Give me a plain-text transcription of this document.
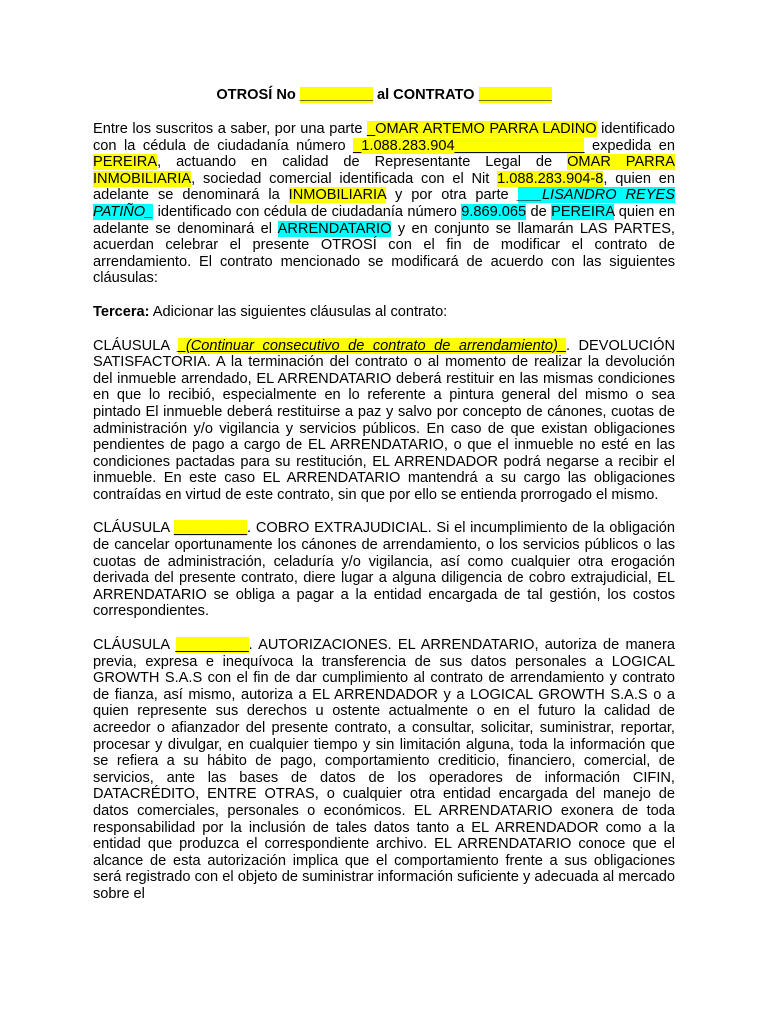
OTROSÍ No _________ al CONTRATO _________

Entre los suscritos a saber, por una parte _OMAR ARTEMO PARRA LADINO identificado con la cédula de ciudadanía número _1.088.283.904________________ expedida en PEREIRA, actuando en calidad de Representante Legal de OMAR PARRA INMOBILIARIA, sociedad comercial identificada con el Nit 1.088.283.904-8, quien en adelante se denominará la INMOBILIARIA y por otra parte ___LISANDRO REYES PATIÑO_ identificado con cédula de ciudadanía número 9.869.065 de PEREIRA quien en adelante se denominará el ARRENDATARIO y en conjunto se llamarán LAS PARTES, acuerdan celebrar el presente OTROSÍ con el fin de modificar el contrato de arrendamiento. El contrato mencionado se modificará de acuerdo con las siguientes cláusulas:

Tercera: Adicionar las siguientes cláusulas al contrato:

CLÁUSULA _(Continuar consecutivo de contrato de arrendamiento)_. DEVOLUCIÓN SATISFACTORIA. A la terminación del contrato o al momento de realizar la devolución del inmueble arrendado, EL ARRENDATARIO deberá restituir en las mismas condiciones en que lo recibió, especialmente en lo referente a pintura general del mismo o sea pintado El inmueble deberá restituirse a paz y salvo por concepto de cánones, cuotas de administración y/o vigilancia y servicios públicos. En caso de que existan obligaciones pendientes de pago a cargo de EL ARRENDATARIO, o que el inmueble no esté en las condiciones pactadas para su restitución, EL ARRENDADOR podrá negarse a recibir el inmueble. En este caso EL ARRENDATARIO mantendrá a su cargo las obligaciones contraídas en virtud de este contrato, sin que por ello se entienda prorrogado el mismo.

CLÁUSULA _________. COBRO EXTRAJUDICIAL. Si el incumplimiento de la obligación de cancelar oportunamente los cánones de arrendamiento, o los servicios públicos o las cuotas de administración, celaduría y/o vigilancia, así como cualquier otra erogación derivada del presente contrato, diere lugar a alguna diligencia de cobro extrajudicial, EL ARRENDATARIO se obliga a pagar a la entidad encargada de tal gestión, los costos correspondientes.

CLÁUSULA _________. AUTORIZACIONES. EL ARRENDATARIO, autoriza de manera previa, expresa e inequívoca la transferencia de sus datos personales a LOGICAL GROWTH S.A.S con el fin de dar cumplimiento al contrato de arrendamiento y contrato de fianza, así mismo, autoriza a EL ARRENDADOR y a LOGICAL GROWTH S.A.S o a quien represente sus derechos u ostente actualmente o en el futuro la calidad de acreedor o afianzador del presente contrato, a consultar, solicitar, suministrar, reportar, procesar y divulgar, en cualquier tiempo y sin limitación alguna, toda la información que se refiera a su hábito de pago, comportamiento crediticio, financiero, comercial, de servicios, ante las bases de datos de los operadores de información CIFIN, DATACRÉDITO, ENTRE OTRAS, o cualquier otra entidad encargada del manejo de datos comerciales, personales o económicos. EL ARRENDATARIO exonera de toda responsabilidad por la inclusión de tales datos tanto a EL ARRENDADOR como a la entidad que produzca el correspondiente archivo. EL ARRENDATARIO conoce que el alcance de esta autorización implica que el comportamiento frente a sus obligaciones será registrado con el objeto de suministrar información suficiente y adecuada al mercado sobre el
